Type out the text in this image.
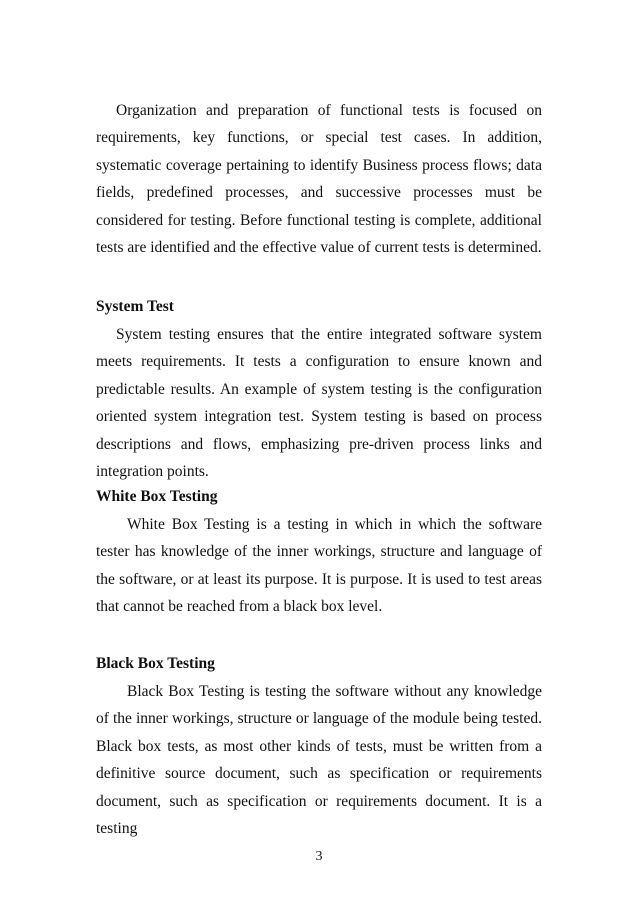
Organization and preparation of functional tests is focused on requirements, key functions, or special test cases. In addition, systematic coverage pertaining to identify Business process flows; data fields, predefined processes, and successive processes must be considered for testing. Before functional testing is complete, additional tests are identified and the effective value of current tests is determined.

System Test

System testing ensures that the entire integrated software system meets requirements. It tests a configuration to ensure known and predictable results. An example of system testing is the configuration oriented system integration test. System testing is based on process descriptions and flows, emphasizing pre-driven process links and integration points.

White Box Testing

White Box Testing is a testing in which in which the software tester has knowledge of the inner workings, structure and language of the software, or at least its purpose. It is purpose. It is used to test areas that cannot be reached from a black box level.

Black Box Testing

Black Box Testing is testing the software without any knowledge of the inner workings, structure or language of the module being tested. Black box tests, as most other kinds of tests, must be written from a definitive source document, such as specification or requirements document, such as specification or requirements document. It is a testing

3
